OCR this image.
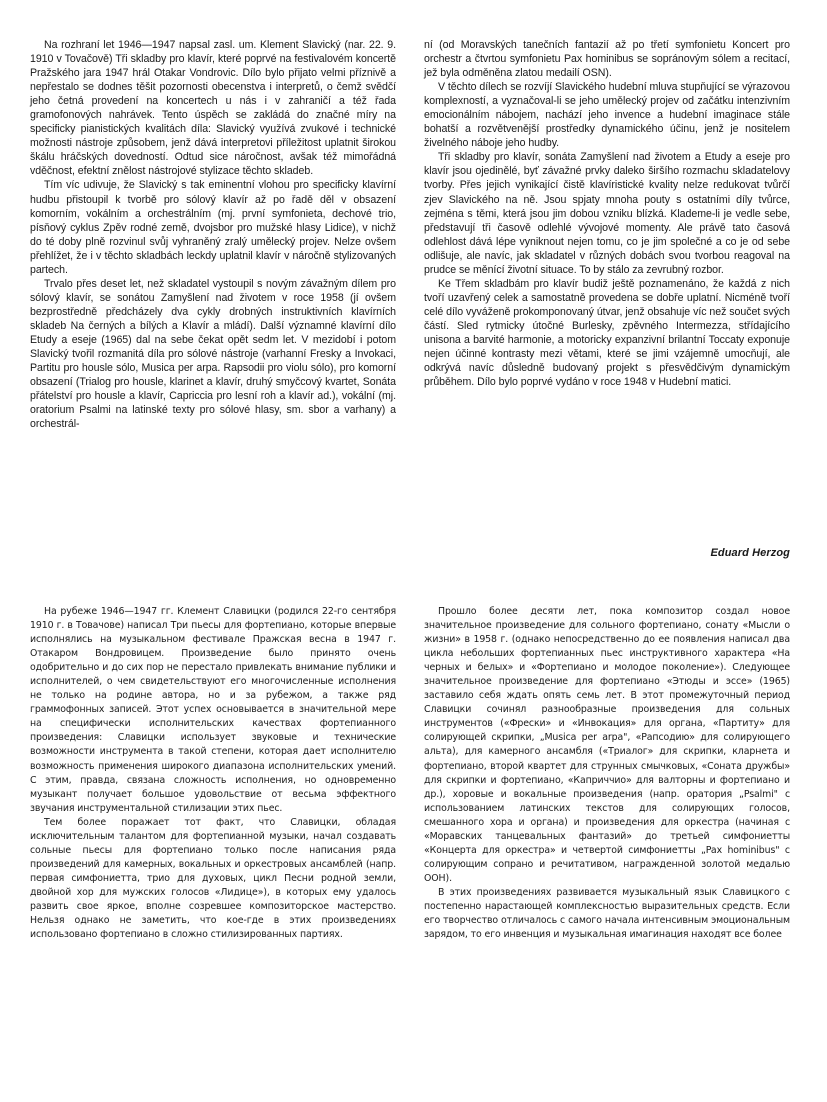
Na rozhraní let 1946—1947 napsal zasl. um. Klement Slavický (nar. 22. 9. 1910 v Tovačově) Tři skladby pro klavír, které poprvé na festivalovém koncertě Pražského jara 1947 hrál Otakar Vondrovic. Dílo bylo přijato velmi příznivě a nepřestalo se dodnes těšit pozornosti obecenstva i interpretů, o čemž svědčí jeho četná provedení na koncertech u nás i v zahraničí a též řada gramofonových nahrávek. Tento úspěch se zakládá do značné míry na specificky pianistických kvalitách díla: Slavický využívá zvukové i technické možnosti nástroje způsobem, jenž dává interpretovi příležitost uplatnit širokou škálu hráčských dovedností. Odtud sice náročnost, avšak též mimořádná vděčnost, efektní znělost nástrojové stylizace těchto skladeb.

Tím víc udivuje, že Slavický s tak eminentní vlohou pro specificky klavírní hudbu přistoupil k tvorbě pro sólový klavír až po řadě děl v obsazení komorním, vokálním a orchestrálním (mj. první symfonieta, dechové trio, písňový cyklus Zpěv rodné země, dvojsbor pro mužské hlasy Lidice), v nichž do té doby plně rozvinul svůj vyhraněný zralý umělecký projev. Nelze ovšem přehlížet, že i v těchto skladbách leckdy uplatnil klavír v náročně stylizovaných partech.

Trvalo přes deset let, než skladatel vystoupil s novým závažným dílem pro sólový klavír, se sonátou Zamyšlení nad životem v roce 1958 (jí ovšem bezprostředně předcházely dva cykly drobných instruktivních klavírních skladeb Na černých a bílých a Klavír a mládí). Další významné klavírní dílo Etudy a eseje (1965) dal na sebe čekat opět sedm let. V mezidobí i potom Slavický tvořil rozmanitá díla pro sólové nástroje (varhanní Fresky a Invokaci, Partitu pro housle sólo, Musica per arpa. Rapsodii pro violu sólo), pro komorní obsazení (Trialog pro housle, klarinet a klavír, druhý smyčcový kvartet, Sonáta přátelství pro housle a klavír, Capriccia pro lesní roh a klavír ad.), vokální (mj. oratorium Psalmi na latinské texty pro sólové hlasy, sm. sbor a varhany) a orchestrál-

ní (od Moravských tanečních fantazií až po třetí symfonietu Koncert pro orchestr a čtvrtou symfonietu Pax hominibus se sopránovým sólem a recitací, jež byla odměněna zlatou medailí OSN).

V těchto dílech se rozvíjí Slavického hudební mluva stupňující se výrazovou komplexností, a vyznačoval-li se jeho umělecký projev od začátku intenzivním emocionálním nábojem, nachází jeho invence a hudební imaginace stále bohatší a rozvětvenější prostředky dynamického účinu, jenž je nositelem živelného náboje jeho hudby.

Tři skladby pro klavír, sonáta Zamyšlení nad životem a Etudy a eseje pro klavír jsou ojedinělé, byť závažné prvky daleko širšího rozmachu skladatelovy tvorby. Přes jejich vynikající čistě klavíristické kvality nelze redukovat tvůrčí zjev Slavického na ně. Jsou spjaty mnoha pouty s ostatními díly tvůrce, zejména s těmi, která jsou jim dobou vzniku blízká. Klademe-li je vedle sebe, představují tři časově odlehlé vývojové momenty. Ale právě tato časová odlehlost dává lépe vyniknout nejen tomu, co je jim společné a co je od sebe odlišuje, ale navíc, jak skladatel v různých dobách svou tvorbou reagoval na prudce se měnící životní situace. To by stálo za zevrubný rozbor.

Ke Třem skladbám pro klavír budiž ještě poznamenáno, že každá z nich tvoří uzavřený celek a samostatně provedena se dobře uplatní. Nicméně tvoří celé dílo vyváženě prokomponovaný útvar, jenž obsahuje víc než součet svých částí. Sled rytmicky útočné Burlesky, zpěvného Intermezza, střídajícího unisona a barvité harmonie, a motoricky expanzivní brilantní Toccaty exponuje nejen účinné kontrasty mezi větami, které se jimi vzájemně umocňují, ale odkrývá navíc důsledně budovaný projekt s přesvědčivým dynamickým průběhem. Dílo bylo poprvé vydáno v roce 1948 v Hudební matici.

Eduard Herzog

На рубеже 1946—1947 гг. Клемент Славицки (родился 22-го сентября 1910 г. в Товачове) написал Три пьесы для фортепиано, которые впервые исполнялись на музыкальном фестивале Пражская весна в 1947 г. Отакаром Вондровицем. Произведение было принято очень одобрительно и до сих пор не перестало привлекать внимание публики и исполнителей, о чем свидетельствуют его многочисленные исполнения не только на родине автора, но и за рубежом, а также ряд граммофонных записей. Этот успех основывается в значительной мере на специфически исполнительских качествах фортепианного произведения: Славицки использует звуковые и технические возможности инструмента в такой степени, которая дает исполнителю возможность применения широкого диапазона исполнительских умений. С этим, правда, связана сложность исполнения, но одновременно музыкант получает большое удовольствие от весьма эффектного звучания инструментальной стилизации этих пьес.

Тем более поражает тот факт, что Славицки, обладая исключительным талантом для фортепианной музыки, начал создавать сольные пьесы для фортепиано только после написания ряда произведений для камерных, вокальных и оркестровых ансамблей (напр. первая симфониетта, трио для духовых, цикл Песни родной земли, двойной хор для мужских голосов «Лидице»), в которых ему удалось развить свое яркое, вполне созревшее композиторское мастерство. Нельзя однако не заметить, что кое-где в этих произведениях использовано фортепиано в сложно стилизированных партиях.

Прошло более десяти лет, пока композитор создал новое значительное произведение для сольного фортепиано, сонату «Мысли о жизни» в 1958 г. (однако непосредственно до ее появления написал два цикла небольших фортепианных пьес инструктивного характера «На черных и белых» и «Фортепиано и молодое поколение»). Следующее значительное произведение для фортепиано «Этюды и эссе» (1965) заставило себя ждать опять семь лет. В этот промежуточный период Славицки сочинял разнообразные произведения для сольных инструментов («Фрески» и «Инвокация» для органа, «Партиту» для солирующей скрипки, „Musica per arpa", «Рапсодию» для солирующего альта), для камерного ансамбля («Триалог» для скрипки, кларнета и фортепиано, второй квартет для струнных смычковых, «Соната дружбы» для скрипки и фортепиано, «Каприччио» для валторны и фортепиано и др.), хоровые и вокальные произведения (напр. оратория „Psalmi" с использованием латинских текстов для солирующих голосов, смешанного хора и органа) и произведения для оркестра (начиная с «Моравских танцевальных фантазий» до третьей симфониетты «Концерта для оркестра» и четвертой симфониетты „Pax hominibus" с солирующим сопрано и речитативом, награжденной золотой медалью ООН).

В этих произведениях развивается музыкальный язык Славицкого с постепенно нарастающей комплексностью выразительных средств. Если его творчество отличалось с самого начала интенсивным эмоциональным зарядом, то его инвенция и музыкальная имагинация находят все более
